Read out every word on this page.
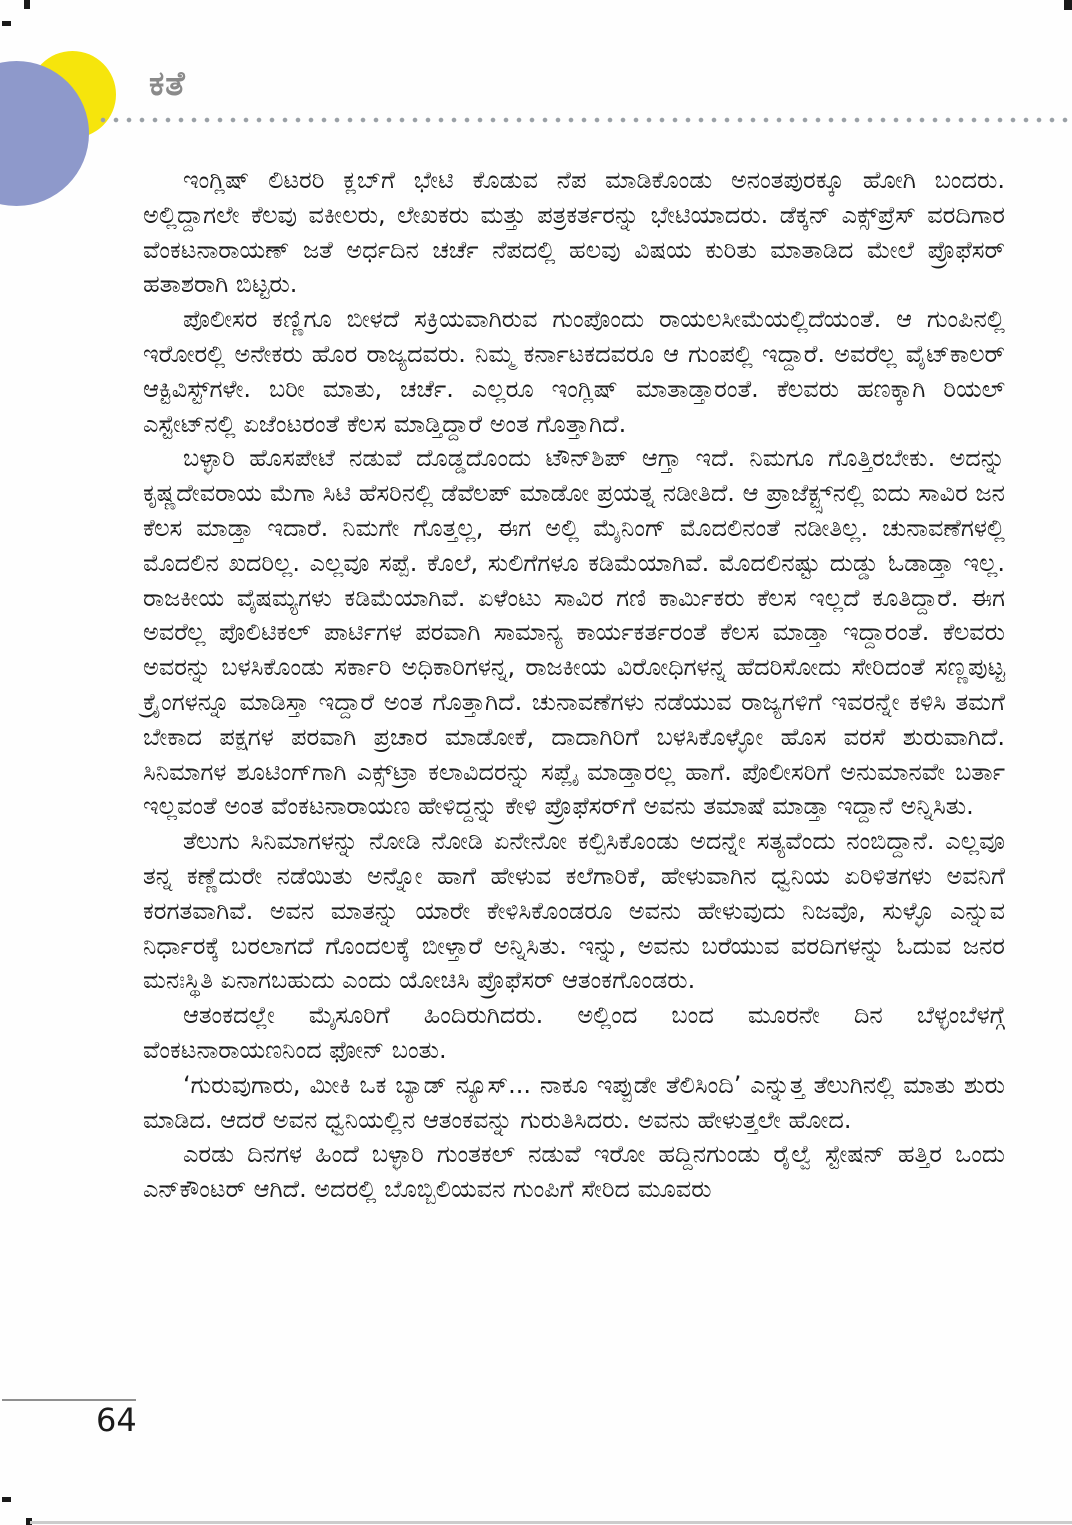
ಕತೆ

ಇಂಗ್ಲಿಷ್ ಲಿಟರರಿ ಕ್ಲಬ್‌ಗೆ ಭೇಟಿ ಕೊಡುವ ನೆಪ ಮಾಡಿಕೊಂಡು ಅನಂತಪುರಕ್ಕೂ ಹೋಗಿ ಬಂದರು. ಅಲ್ಲಿದ್ದಾಗಲೇ ಕೆಲವು ವಕೀಲರು, ಲೇಖಕರು ಮತ್ತು ಪತ್ರಕರ್ತರನ್ನು ಭೇಟಿಯಾದರು. ಡೆಕ್ಕನ್ ಎಕ್ಸ್‌ಪ್ರೆಸ್ ವರದಿಗಾರ ವೆಂಕಟನಾರಾಯಣ್ ಜತೆ ಅರ್ಧದಿನ ಚರ್ಚೆ ನೆಪದಲ್ಲಿ ಹಲವು ವಿಷಯ ಕುರಿತು ಮಾತಾಡಿದ ಮೇಲೆ ಪ್ರೊಫೆಸರ್ ಹತಾಶರಾಗಿ ಬಿಟ್ಟರು.

ಪೊಲೀಸರ ಕಣ್ಣಿಗೂ ಬೀಳದೆ ಸಕ್ರಿಯವಾಗಿರುವ ಗುಂಪೊಂದು ರಾಯಲಸೀಮೆಯಲ್ಲಿದೆಯಂತೆ. ಆ ಗುಂಪಿನಲ್ಲಿ ಇರೋರಲ್ಲಿ ಅನೇಕರು ಹೊರ ರಾಜ್ಯದವರು. ನಿಮ್ಮ ಕರ್ನಾಟಕದವರೂ ಆ ಗುಂಪಲ್ಲಿ ಇದ್ದಾರೆ. ಅವರೆಲ್ಲ ವೈಟ್‌ಕಾಲರ್ ಆಕ್ಟಿವಿಸ್ಟ್‌ಗಳೇ. ಬರೀ ಮಾತು, ಚರ್ಚೆ. ಎಲ್ಲರೂ ಇಂಗ್ಲಿಷ್ ಮಾತಾಡ್ತಾರಂತೆ. ಕೆಲವರು ಹಣಕ್ಕಾಗಿ ರಿಯಲ್ ಎಸ್ಟೇಟ್‌ನಲ್ಲಿ ಏಜೆಂಟರಂತೆ ಕೆಲಸ ಮಾಡ್ತಿದ್ದಾರೆ ಅಂತ ಗೊತ್ತಾಗಿದೆ.

ಬಳ್ಳಾರಿ ಹೊಸಪೇಟೆ ನಡುವೆ ದೊಡ್ಡದೊಂದು ಟೌನ್‌ಶಿಪ್ ಆಗ್ತಾ ಇದೆ. ನಿಮಗೂ ಗೊತ್ತಿರಬೇಕು. ಅದನ್ನು ಕೃಷ್ಣದೇವರಾಯ ಮೆಗಾ ಸಿಟಿ ಹೆಸರಿನಲ್ಲಿ ಡೆವೆಲಪ್ ಮಾಡೋ ಪ್ರಯತ್ನ ನಡೀತಿದೆ. ಆ ಪ್ರಾಜೆಕ್ಟ್ಸ್‌ನಲ್ಲಿ ಐದು ಸಾವಿರ ಜನ ಕೆಲಸ ಮಾಡ್ತಾ ಇದಾರೆ. ನಿಮಗೇ ಗೊತ್ತಲ್ಲ, ಈಗ ಅಲ್ಲಿ ಮೈನಿಂಗ್ ಮೊದಲಿನಂತೆ ನಡೀತಿಲ್ಲ. ಚುನಾವಣೆಗಳಲ್ಲಿ ಮೊದಲಿನ ಖದರಿಲ್ಲ. ಎಲ್ಲವೂ ಸಪ್ಪೆ. ಕೊಲೆ, ಸುಲಿಗೆಗಳೂ ಕಡಿಮೆಯಾಗಿವೆ. ಮೊದಲಿನಷ್ಟು ದುಡ್ಡು ಓಡಾಡ್ತಾ ಇಲ್ಲ. ರಾಜಕೀಯ ವೈಷಮ್ಯಗಳು ಕಡಿಮೆಯಾಗಿವೆ. ಏಳೆಂಟು ಸಾವಿರ ಗಣಿ ಕಾರ್ಮಿಕರು ಕೆಲಸ ಇಲ್ಲದೆ ಕೂತಿದ್ದಾರೆ. ಈಗ ಅವರೆಲ್ಲ ಪೊಲಿಟಿಕಲ್ ಪಾರ್ಟಿಗಳ ಪರವಾಗಿ ಸಾಮಾನ್ಯ ಕಾರ್ಯಕರ್ತರಂತೆ ಕೆಲಸ ಮಾಡ್ತಾ ಇದ್ದಾರಂತೆ. ಕೆಲವರು ಅವರನ್ನು ಬಳಸಿಕೊಂಡು ಸರ್ಕಾರಿ ಅಧಿಕಾರಿಗಳನ್ನ, ರಾಜಕೀಯ ವಿರೋಧಿಗಳನ್ನ ಹೆದರಿಸೋದು ಸೇರಿದಂತೆ ಸಣ್ಣಪುಟ್ಟ ಕ್ರೈಂಗಳನ್ನೂ ಮಾಡಿಸ್ತಾ ಇದ್ದಾರೆ ಅಂತ ಗೊತ್ತಾಗಿದೆ. ಚುನಾವಣೆಗಳು ನಡೆಯುವ ರಾಜ್ಯಗಳಿಗೆ ಇವರನ್ನೇ ಕಳಿಸಿ ತಮಗೆ ಬೇಕಾದ ಪಕ್ಷಗಳ ಪರವಾಗಿ ಪ್ರಚಾರ ಮಾಡೋಕೆ, ದಾದಾಗಿರಿಗೆ ಬಳಸಿಕೊಳ್ಳೋ ಹೊಸ ವರಸೆ ಶುರುವಾಗಿದೆ. ಸಿನಿಮಾಗಳ ಶೂಟಿಂಗ್‌ಗಾಗಿ ಎಕ್ಸ್‌ಟ್ರಾ ಕಲಾವಿದರನ್ನು ಸಪ್ಲೈ ಮಾಡ್ತಾರಲ್ಲ ಹಾಗೆ. ಪೊಲೀಸರಿಗೆ ಅನುಮಾನವೇ ಬರ್ತಾ ಇಲ್ಲವಂತೆ ಅಂತ ವೆಂಕಟನಾರಾಯಣ ಹೇಳಿದ್ದನ್ನು ಕೇಳಿ ಪ್ರೊಫೆಸರ್‌ಗೆ ಅವನು ತಮಾಷೆ ಮಾಡ್ತಾ ಇದ್ದಾನೆ ಅನ್ನಿಸಿತು.

ತೆಲುಗು ಸಿನಿಮಾಗಳನ್ನು ನೋಡಿ ನೋಡಿ ಏನೇನೋ ಕಲ್ಪಿಸಿಕೊಂಡು ಅದನ್ನೇ ಸತ್ಯವೆಂದು ನಂಬಿದ್ದಾನೆ. ಎಲ್ಲವೂ ತನ್ನ ಕಣ್ಣೆದುರೇ ನಡೆಯಿತು ಅನ್ನೋ ಹಾಗೆ ಹೇಳುವ ಕಲೆಗಾರಿಕೆ, ಹೇಳುವಾಗಿನ ಧ್ವನಿಯ ಏರಿಳಿತಗಳು ಅವನಿಗೆ ಕರಗತವಾಗಿವೆ. ಅವನ ಮಾತನ್ನು ಯಾರೇ ಕೇಳಿಸಿಕೊಂಡರೂ ಅವನು ಹೇಳುವುದು ನಿಜವೊ, ಸುಳ್ಳೊ ಎನ್ನುವ ನಿರ್ಧಾರಕ್ಕೆ ಬರಲಾಗದೆ ಗೊಂದಲಕ್ಕೆ ಬೀಳ್ತಾರೆ ಅನ್ನಿಸಿತು. ಇನ್ನು, ಅವನು ಬರೆಯುವ ವರದಿಗಳನ್ನು ಓದುವ ಜನರ ಮನಃಸ್ಥಿತಿ ಏನಾಗಬಹುದು ಎಂದು ಯೋಚಿಸಿ ಪ್ರೊಫೆಸರ್ ಆತಂಕಗೊಂಡರು.

ಆತಂಕದಲ್ಲೇ ಮೈಸೂರಿಗೆ ಹಿಂದಿರುಗಿದರು. ಅಲ್ಲಿಂದ ಬಂದ ಮೂರನೇ ದಿನ ಬೆಳ್ಳಂಬೆಳಗ್ಗೆ ವೆಂಕಟನಾರಾಯಣನಿಂದ ಫೋನ್ ಬಂತು.

‘ಗುರುವುಗಾರು, ಮೀಕಿ ಒಕ ಬ್ಯಾಡ್ ನ್ಯೂಸ್... ನಾಕೂ ಇಪ್ಪುಡೇ ತೆಲಿಸಿಂದಿ’ ಎನ್ನುತ್ತ ತೆಲುಗಿನಲ್ಲಿ ಮಾತು ಶುರು ಮಾಡಿದ. ಆದರೆ ಅವನ ಧ್ವನಿಯಲ್ಲಿನ ಆತಂಕವನ್ನು ಗುರುತಿಸಿದರು. ಅವನು ಹೇಳುತ್ತಲೇ ಹೋದ.

ಎರಡು ದಿನಗಳ ಹಿಂದೆ ಬಳ್ಳಾರಿ ಗುಂತಕಲ್ ನಡುವೆ ಇರೋ ಹದ್ದಿನಗುಂಡು ರೈಲ್ವೆ ಸ್ಟೇಷನ್ ಹತ್ತಿರ ಒಂದು ಎನ್‌ಕೌಂಟರ್ ಆಗಿದೆ. ಅದರಲ್ಲಿ ಬೊಬ್ಬಿಲಿಯವನ ಗುಂಪಿಗೆ ಸೇರಿದ ಮೂವರು

64
